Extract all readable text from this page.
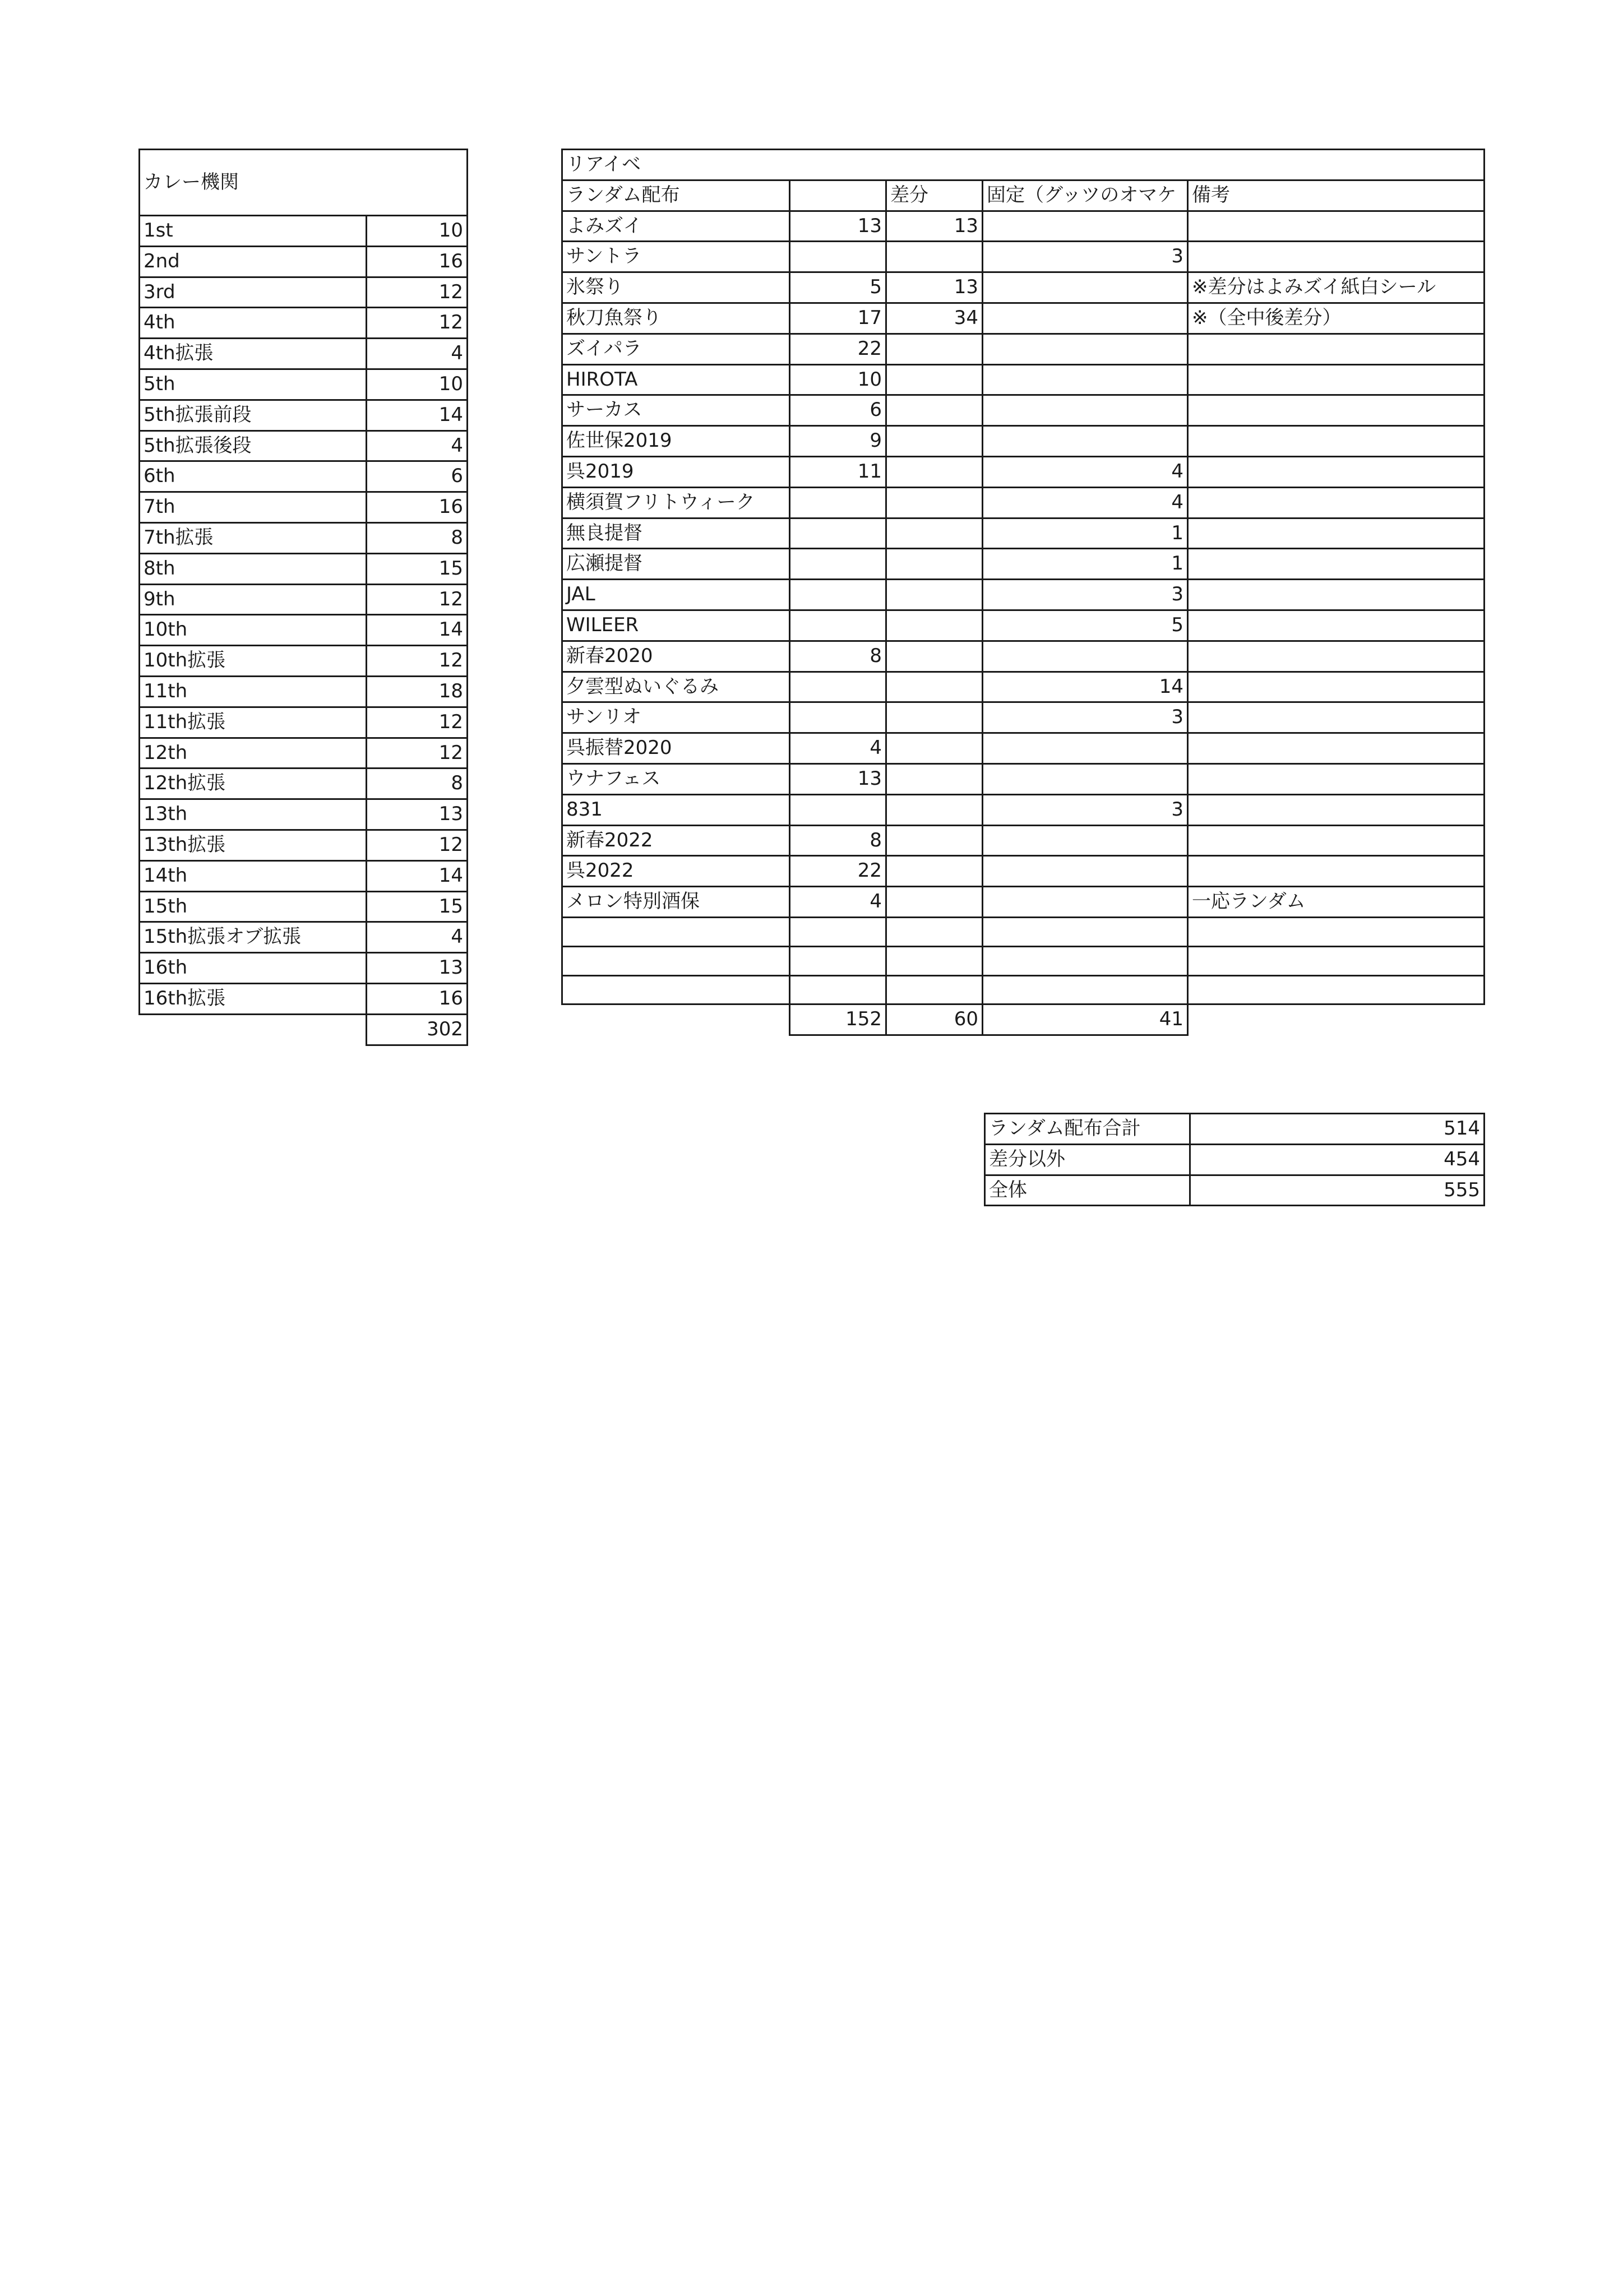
カレー機関	
1st	10
2nd	16
3rd	12
4th	12
4th拡張	4
5th	10
5th拡張前段	14
5th拡張後段	4
6th	6
7th	16
7th拡張	8
8th	15
9th	12
10th	14
10th拡張	12
11th	18
11th拡張	12
12th	12
12th拡張	8
13th	13
13th拡張	12
14th	14
15th	15
15th拡張オブ拡張	4
16th	13
16th拡張	16
	302
リアイベ				
ランダム配布		差分	固定（グッツのオマケ	備考
よみズイ	13	13		
サントラ			3	
氷祭り	5	13		※差分はよみズイ紙白シール
秋刀魚祭り	17	34		※（全中後差分）
ズイパラ	22			
HIROTA	10			
サーカス	6			
佐世保2019	9			
呉2019	11		4	
横須賀フリトウィーク			4	
無良提督			1	
広瀬提督			1	
JAL			3	
WILEER			5	
新春2020	8			
夕雲型ぬいぐるみ			14	
サンリオ			3	
呉振替2020	4			
ウナフェス	13			
831			3	
新春2022	8			
呉2022	22			
メロン特別酒保	4			一応ランダム

	152	60	41	
ランダム配布合計	514
差分以外	454
全体	555
